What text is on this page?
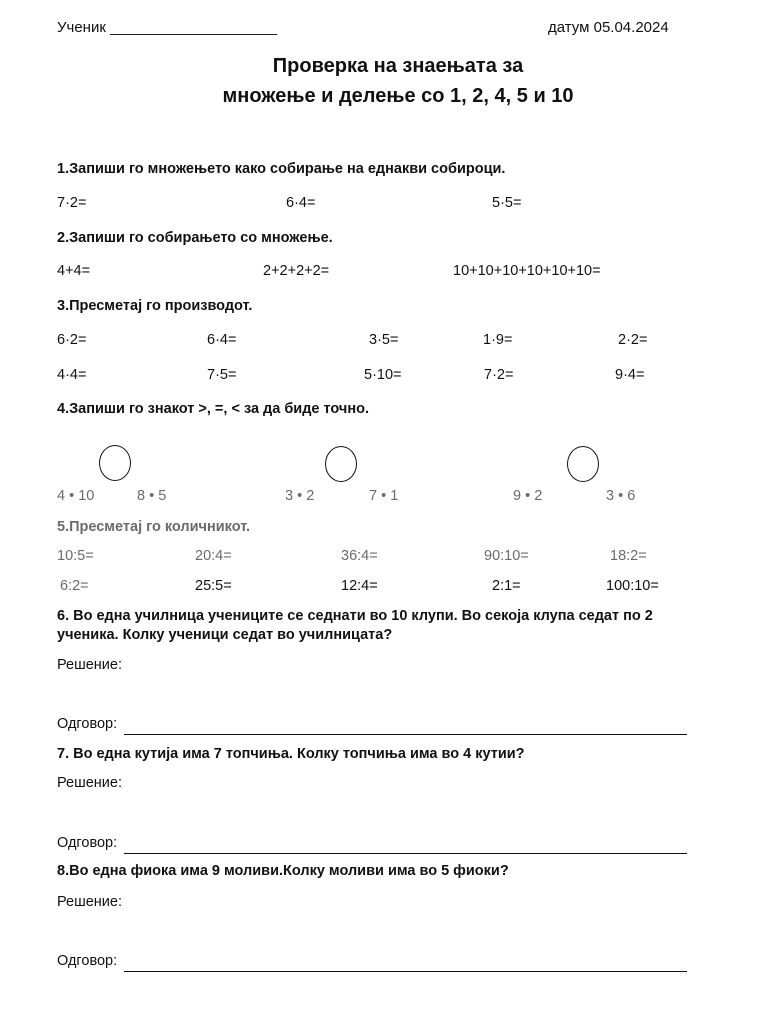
Ученик ____________________	датум 05.04.2024
Проверка на знаењата за
множење и делење со 1, 2, 4, 5 и 10
1.Запиши го множењето како собирање на еднакви собироци.
7·2=	6·4=	5·5=
2.Запиши го собирањето со множење.
4+4=	2+2+2+2=	10+10+10+10+10+10=
3.Пресметај го производот.
6·2=	6·4=	3·5=	1·9=	2·2=
4·4=	7·5=	5·10=	7·2=	9·4=
4.Запиши го знакот >, =, < за да биде точно.
4 • 10	8 • 5	3 • 2	7 • 1	9 • 2	3 • 6
5.Пресметај го количникот.
10:5=	20:4=	36:4=	90:10=	18:2=
6:2=	25:5=	12:4=	2:1=	100:10=
6. Во една училница учениците се седнати во 10 клупи. Во секоја клупа седат по 2
ученика. Колку ученици седат во училницата?
Решение:
Одговор:
7. Во една кутија има 7 топчиња. Колку топчиња има во 4 кутии?
Решение:
Одговор:
8.Во една фиока има 9 моливи.Колку моливи има во 5 фиоки?
Решение:
Одговор:
